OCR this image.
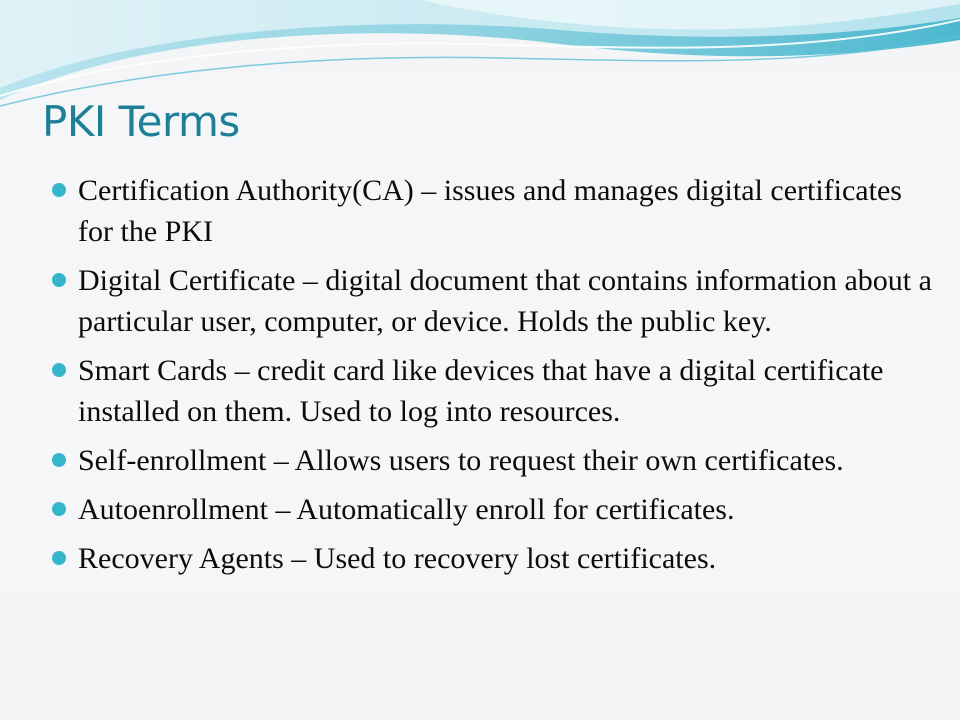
PKI Terms
Certification Authority(CA) – issues and manages digital certificates for the PKI
Digital Certificate – digital document that contains information about a particular user, computer, or device. Holds the public key.
Smart Cards – credit card like devices that have a digital certificate installed on them. Used to log into resources.
Self-enrollment – Allows users to request their own certificates.
Autoenrollment – Automatically enroll for certificates.
Recovery Agents – Used to recovery lost certificates.
